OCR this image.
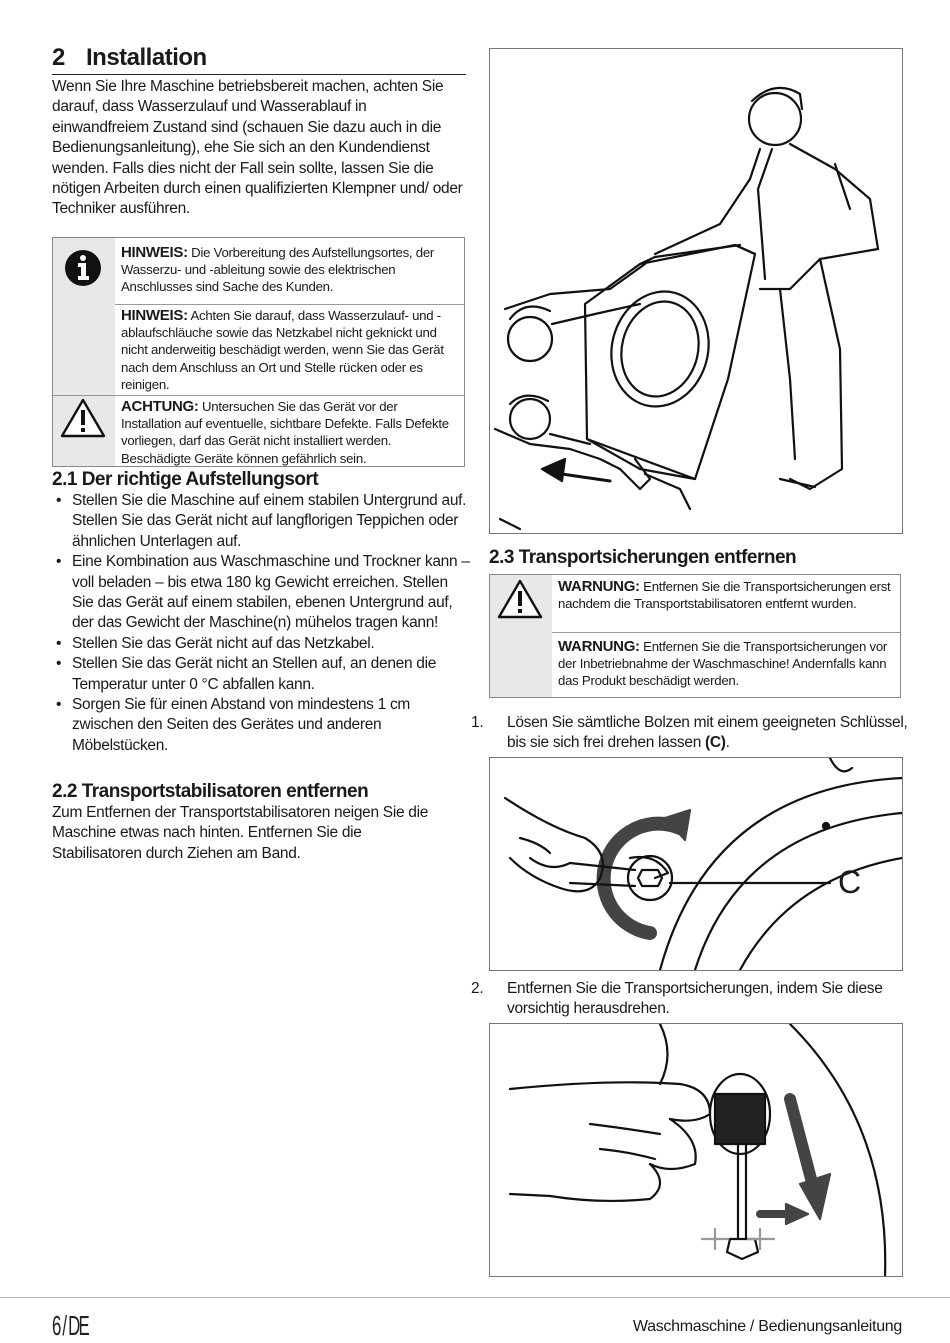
2 Installation
Wenn Sie Ihre Maschine betriebsbereit machen, achten Sie darauf, dass Wasserzulauf und Wasserablauf in einwandfreiem Zustand sind (schauen Sie dazu auch in die Bedienungsanleitung), ehe Sie sich an den Kundendienst wenden. Falls dies nicht der Fall sein sollte, lassen Sie die nötigen Arbeiten durch einen qualifizierten Klempner und/ oder Techniker ausführen.
HINWEIS: Die Vorbereitung des Aufstellungsortes, der Wasserzu- und -ableitung sowie des elektrischen Anschlusses sind Sache des Kunden.
HINWEIS: Achten Sie darauf, dass Wasserzulauf- und -ablaufschläuche sowie das Netzkabel nicht geknickt und nicht anderweitig beschädigt werden, wenn Sie das Gerät nach dem Anschluss an Ort und Stelle rücken oder es reinigen.
ACHTUNG: Untersuchen Sie das Gerät vor der Installation auf eventuelle, sichtbare Defekte. Falls Defekte vorliegen, darf das Gerät nicht installiert werden. Beschädigte Geräte können gefährlich sein.
2.1 Der richtige Aufstellungsort
• Stellen Sie die Maschine auf einem stabilen Untergrund auf. Stellen Sie das Gerät nicht auf langflorigen Teppichen oder ähnlichen Unterlagen auf.
• Eine Kombination aus Waschmaschine und Trockner kann – voll beladen – bis etwa 180 kg Gewicht erreichen. Stellen Sie das Gerät auf einem stabilen, ebenen Untergrund auf, der das Gewicht der Maschine(n) mühelos tragen kann!
• Stellen Sie das Gerät nicht auf das Netzkabel.
• Stellen Sie das Gerät nicht an Stellen auf, an denen die Temperatur unter 0 °C abfallen kann.
• Sorgen Sie für einen Abstand von mindestens 1 cm zwischen den Seiten des Gerätes und anderen Möbelstücken.
2.2 Transportstabilisatoren entfernen
Zum Entfernen der Transportstabilisatoren neigen Sie die Maschine etwas nach hinten. Entfernen Sie die Stabilisatoren durch Ziehen am Band.
2.3 Transportsicherungen entfernen
WARNUNG: Entfernen Sie die Transportsicherungen erst nachdem die Transportstabilisatoren entfernt wurden.
WARNUNG: Entfernen Sie die Transportsicherungen vor der Inbetriebnahme der Waschmaschine! Andernfalls kann das Produkt beschädigt werden.
1. Lösen Sie sämtliche Bolzen mit einem geeigneten Schlüssel, bis sie sich frei drehen lassen (C).
C
2. Entfernen Sie die Transportsicherungen, indem Sie diese vorsichtig herausdrehen.
6 / DE	Waschmaschine / Bedienungsanleitung
